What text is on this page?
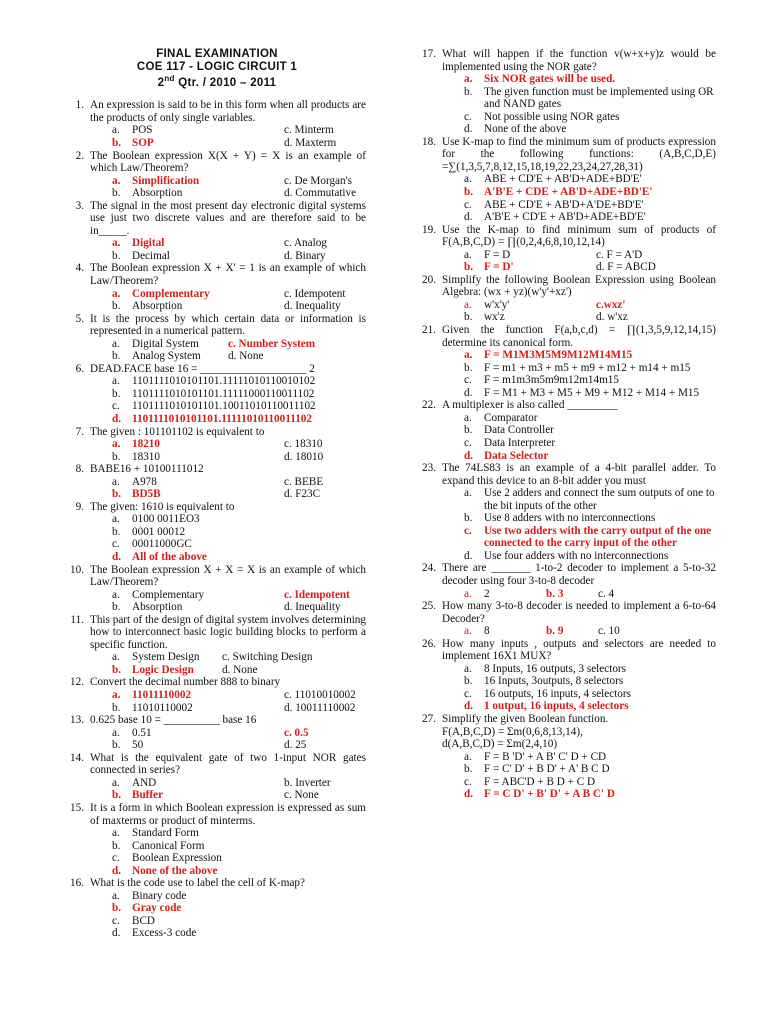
FINAL EXAMINATION
COE 117 - LOGIC CIRCUIT 1
2nd Qtr. / 2010 – 2011
1. An expression is said to be in this form when all products are the products of only single variables.
a.	POS	c. Minterm
b. SOP	d. Maxterm
2. The Boolean expression X(X + Y) = X is an example of which Law/Theorem?
a.	Simplification	c. De Morgan's
b.	Absorption	d. Commutative
3. The signal in the most present day electronic digital systems use just two discrete values and are therefore said to be in_____.
a.	Digital	c. Analog
b.	Decimal	d. Binary
4. The Boolean expression X + X' = 1 is an example of which Law/Theorem?
a.	Complementary	c. Idempotent
b.	Absorption	d. Inequality
5. It is the process by which certain data or information is represented in a numerical pattern.
a.	Digital System	c. Number System
b.	Analog System	d. None
6. DEAD.FACE base 16 = ___________________ 2
a.	1101111010101101.11111010110010102
b.	1101111010101101.11111000110011102
c.	1101111010101101.10011010110011102
d. 1101111010101101.11111010110011102
7. The given : 101101102 is equivalent to
a.	18210	c. 18310
b.	18310	d. 18010
8. BABE16 + 10100111012
a.	A978	c. BEBE
b. BD5B	d. F23C
9. The given: 1610 is equivalent to
a.	0100 0011EO3
b.	0001 00012
c.	00011000GC
d. All of the above
10. The Boolean expression X + X = X is an example of which Law/Theorem?
a.	Complementary	c. Idempotent
b.	Absorption	d. Inequality
11. This part of the design of digital system involves determining how to interconnect basic logic building blocks to perform a specific function.
a.	System Design	c. Switching Design
b. Logic Design	d. None
12. Convert the decimal number 888 to binary
a.	11011110002	c. 11010010002
b.	11010110002	d. 10011110002
13. 0.625 base 10 = __________ base 16
a.	0.51	c. 0.5
b.	50	d. 25
14. What is the equivalent gate of two 1-input NOR gates connected in series?
a.	AND	b. Inverter
b. Buffer	c. None
15. It is a form in which Boolean expression is expressed as sum of maxterms or product of minterms.
a.	Standard Form
b.	Canonical Form
c.	Boolean Expression
d. None of the above
16. What is the code use to label the cell of K-map?
a.	Binary code
b. Gray code
c.	BCD
d.	Excess-3 code
17. What will happen if the function v(w+x+y)z would be implemented using the NOR gate?
a.	Six NOR gates will be used.
b.	The given function must be implemented using OR and NAND gates
c.	Not possible using NOR gates
d.	None of the above
18. Use K-map to find the minimum sum of products expression for the following functions: (A,B,C,D,E) =∑(1,3,5,7,8,12,15,18,19,22,23,24,27,28,31)
a.	ABE + CD'E + AB'D+ADE+BD'E'
b. A'B'E + CDE + AB'D+ADE+BD'E'
c.	ABE + CD'E + AB'D+A'DE+BD'E'
d.	A'B'E + CD'E + AB'D+ADE+BD'E'
19. Use the K-map to find minimum sum of products of F(A,B,C,D) = ∏(0,2,4,6,8,10,12,14)
a.	F = D	c. F = A'D
b. F = D'	d. F = ABCD
20. Simplify the following Boolean Expression using Boolean Algebra: (wx + yz)(w'y'+xz')
a.	w'x'y'	c.wxz'
b.	wx'z	d. w'xz
21. Given the function F(a,b,c,d) = ∏(1,3,5,9,12,14,15) determine its canonical form.
a.	F = M1M3M5M9M12M14M15
b.	F = m1 + m3 + m5 + m9 + m12 + m14 + m15
c.	F = m1m3m5m9m12m14m15
d.	F = M1 + M3 + M5 + M9 + M12 + M14 + M15
22. A multiplexer is also called _________
a.	Comparator
b.	Data Controller
c.	Data Interpreter
d. Data Selector
23. The 74LS83 is an example of a 4-bit parallel adder. To expand this device to an 8-bit adder you must
a.	Use 2 adders and connect the sum outputs of one to the bit inputs of the other
b.	Use 8 adders with no interconnections
c.	Use two adders with the carry output of the one connected to the carry input of the other
d.	Use four adders with no interconnections
24. There are _______ 1-to-2 decoder to implement a 5-to-32 decoder using four 3-to-8 decoder
a.	2	b. 3	c. 4
25. How many 3-to-8 decoder is needed to implement a 6-to-64 Decoder?
a.	8	b. 9	c. 10
26. How many inputs , outputs and selectors are needed to implement 16X1 MUX?
a.	8 Inputs, 16 outputs, 3 selectors
b.	16 Inputs, 3outputs, 8 selectors
c.	16 outputs, 16 inputs, 4 selectors
d. 1 output, 16 inputs, 4 selectors
27. Simplify the given Boolean function.
F(A,B,C,D) = Σm(0,6,8,13,14),
d(A,B,C,D) = Σm(2,4,10)
a.	F = B 'D' + A B' C' D + CD
b.	F = C' D' + B D' + A' B C D
c.	F = ABC'D + B D + C D
d. F = C D' + B' D' + A B C' D
